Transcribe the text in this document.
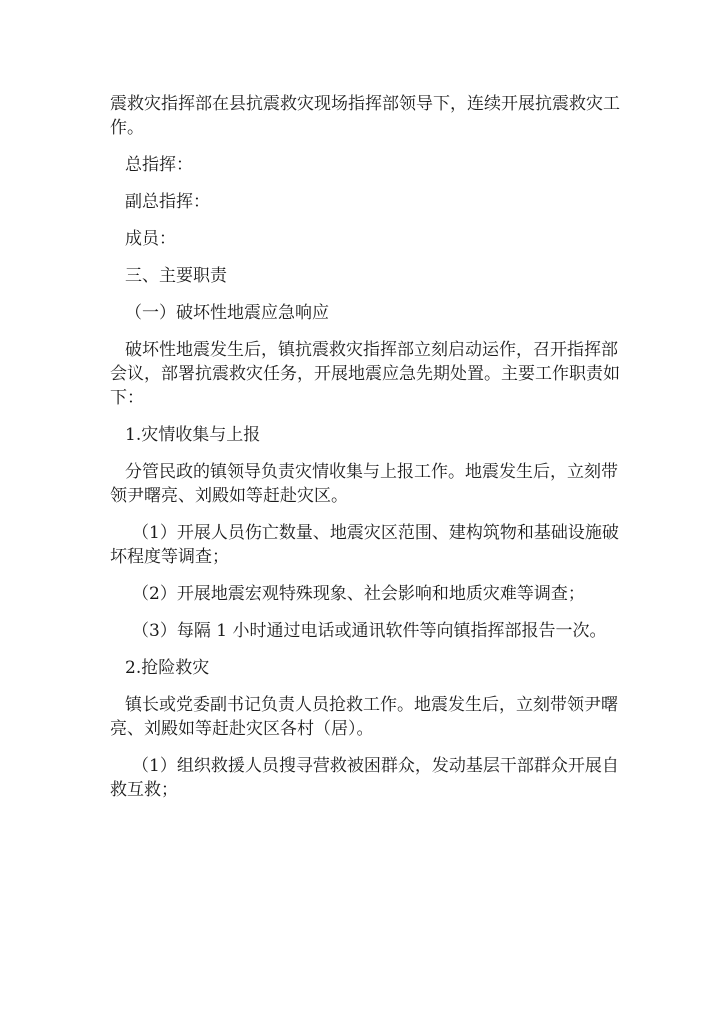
震救灾指挥部在县抗震救灾现场指挥部领导下，连续开展抗震救灾工
作。
总指挥：
副总指挥：
成员：
三、主要职责
（一）破坏性地震应急响应
破坏性地震发生后，镇抗震救灾指挥部立刻启动运作，召开指挥部
会议，部署抗震救灾任务，开展地震应急先期处置。主要工作职责如
下：
1.灾情收集与上报
分管民政的镇领导负责灾情收集与上报工作。地震发生后，立刻带
领尹曙亮、刘殿如等赶赴灾区。
（1）开展人员伤亡数量、地震灾区范围、建构筑物和基础设施破
坏程度等调查；
（2）开展地震宏观特殊现象、社会影响和地质灾难等调查；
（3）每隔 1 小时通过电话或通讯软件等向镇指挥部报告一次。
2.抢险救灾
镇长或党委副书记负责人员抢救工作。地震发生后，立刻带领尹曙
亮、刘殿如等赶赴灾区各村（居）。
（1）组织救援人员搜寻营救被困群众，发动基层干部群众开展自
救互救；
